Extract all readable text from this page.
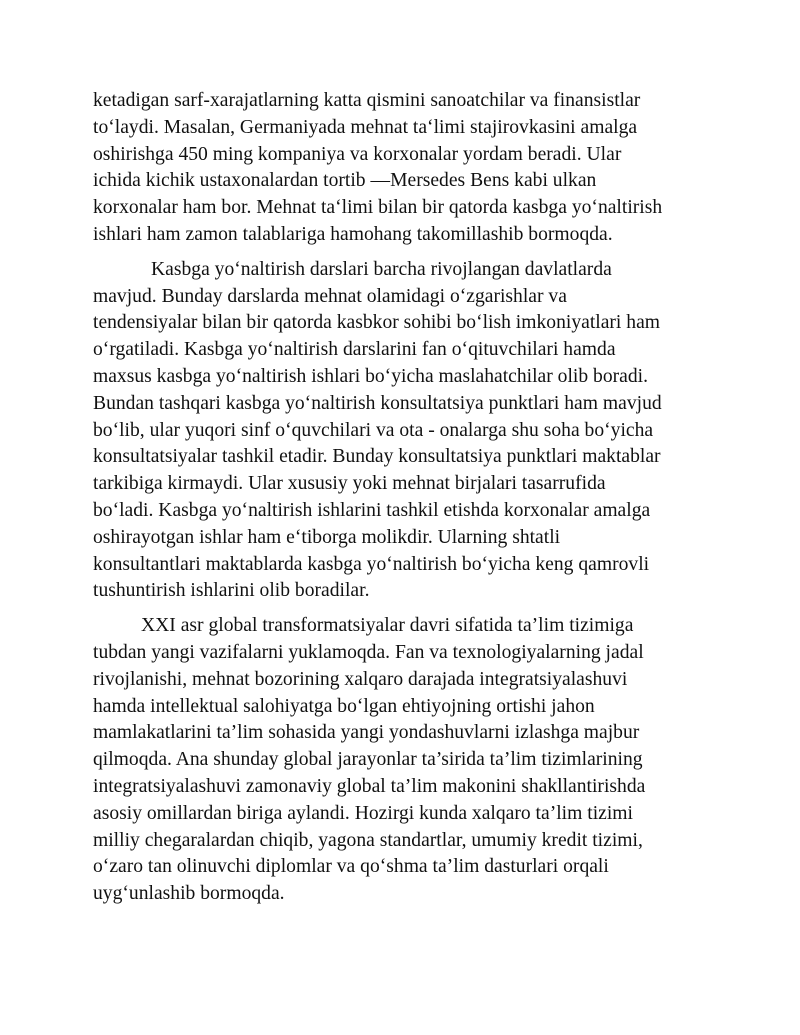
ketadigan sarf-xarajatlarning katta qismini sanoatchilar va finansistlar
to‘laydi. Masalan, Germaniyada mehnat ta‘limi stajirovkasini amalga
oshirishga 450 ming kompaniya va korxonalar yordam beradi. Ular
ichida kichik ustaxonalardan tortib —Mersedes Bens kabi ulkan
korxonalar ham bor. Mehnat ta‘limi bilan bir qatorda kasbga yo‘naltirish
ishlari ham zamon talablariga hamohang takomillashib bormoqda.

Kasbga yo‘naltirish darslari barcha rivojlangan davlatlarda
mavjud. Bunday darslarda mehnat olamidagi o‘zgarishlar va
tendensiyalar bilan bir qatorda kasbkor sohibi bo‘lish imkoniyatlari ham
o‘rgatiladi. Kasbga yo‘naltirish darslarini fan o‘qituvchilari hamda
maxsus kasbga yo‘naltirish ishlari bo‘yicha maslahatchilar olib boradi.
Bundan tashqari kasbga yo‘naltirish konsultatsiya punktlari ham mavjud
bo‘lib, ular yuqori sinf o‘quvchilari va ota - onalarga shu soha bo‘yicha
konsultatsiyalar tashkil etadir. Bunday konsultatsiya punktlari maktablar
tarkibiga kirmaydi. Ular xususiy yoki mehnat birjalari tasarrufida
bo‘ladi. Kasbga yo‘naltirish ishlarini tashkil etishda korxonalar amalga
oshirayotgan ishlar ham e‘tiborga molikdir. Ularning shtatli
konsultantlari maktablarda kasbga yo‘naltirish bo‘yicha keng qamrovli
tushuntirish ishlarini olib boradilar.

XXI asr global transformatsiyalar davri sifatida ta’lim tizimiga
tubdan yangi vazifalarni yuklamoqda. Fan va texnologiyalarning jadal
rivojlanishi, mehnat bozorining xalqaro darajada integratsiyalashuvi
hamda intellektual salohiyatga bo‘lgan ehtiyojning ortishi jahon
mamlakatlarini ta’lim sohasida yangi yondashuvlarni izlashga majbur
qilmoqda. Ana shunday global jarayonlar ta’sirida ta’lim tizimlarining
integratsiyalashuvi zamonaviy global ta’lim makonini shakllantirishda
asosiy omillardan biriga aylandi. Hozirgi kunda xalqaro ta’lim tizimi
milliy chegaralardan chiqib, yagona standartlar, umumiy kredit tizimi,
o‘zaro tan olinuvchi diplomlar va qo‘shma ta’lim dasturlari orqali
uyg‘unlashib bormoqda.
